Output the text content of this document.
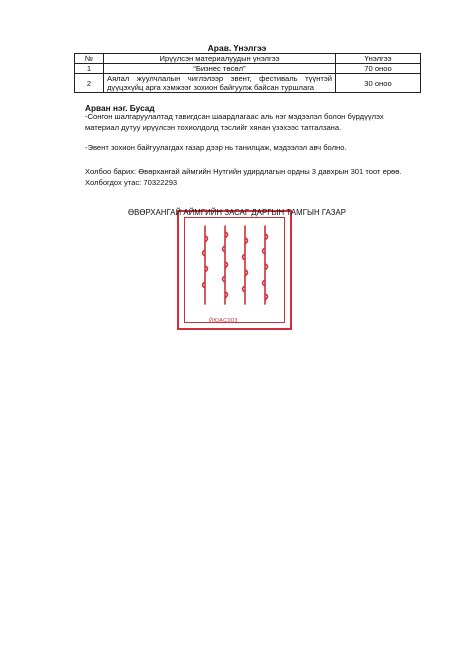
Арав. Үнэлгээ
№	Ирүүлсэн материалуудын үнэлгээ	Үнэлгээ
1	“Бизнес төсөл”	70 оноо
2	Аялал жуулчлалын чиглэлээр эвент, фестиваль түүнтэй дүүцэхүйц арга хэмжээг зохион байгуулж байсан туршлага	30 оноо
Арван нэг. Бусад
-Сонгон шалгаруулалтад тавигдсан шаардлагаас аль нэг мэдээлэл болон бүрдүүлэх материал дутуу ирүүлсэн тохиолдолд тэслийг хянан үзэхээс татгалзана.
-Эвент зохион байгуулагдах газар дээр нь танилцаж, мэдээлэл авч болно.
Холбоо барих: Өвөрхангай аймгийн Нутгийн удирдлагын ордны 3 давхрын 301 тоот ерөө. Холбогдох утас: 70322293
ЙЮАС003
ӨВӨРХАНГАЙ АЙМГИЙН ЗАСАГ ДАРГЫН ТАМГЫН ГАЗАР
